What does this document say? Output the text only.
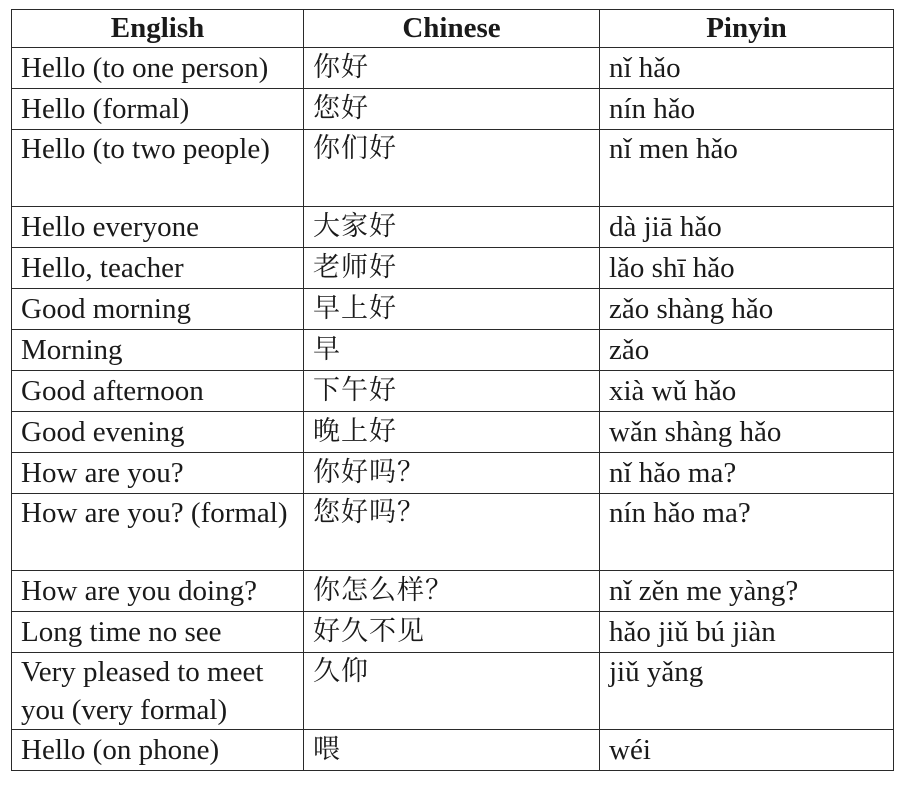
English	Chinese	Pinyin
Hello (to one person)	你好	nǐ hǎo
Hello (formal)	您好	nín hǎo
Hello (to two people)	你们好	nǐ men hǎo
Hello everyone	大家好	dà jiā hǎo
Hello, teacher	老师好	lǎo shī hǎo
Good morning	早上好	zǎo shàng hǎo
Morning	早	zǎo
Good afternoon	下午好	xià wǔ hǎo
Good evening	晚上好	wǎn shàng hǎo
How are you?	你好吗？	nǐ hǎo ma?
How are you? (formal)	您好吗？	nín hǎo ma?
How are you doing?	你怎么样？	nǐ zěn me yàng?
Long time no see	好久不见	hǎo jiǔ bú jiàn
Very pleased to meet you (very formal)	久仰	jiǔ yǎng
Hello (on phone)	喂	wéi
